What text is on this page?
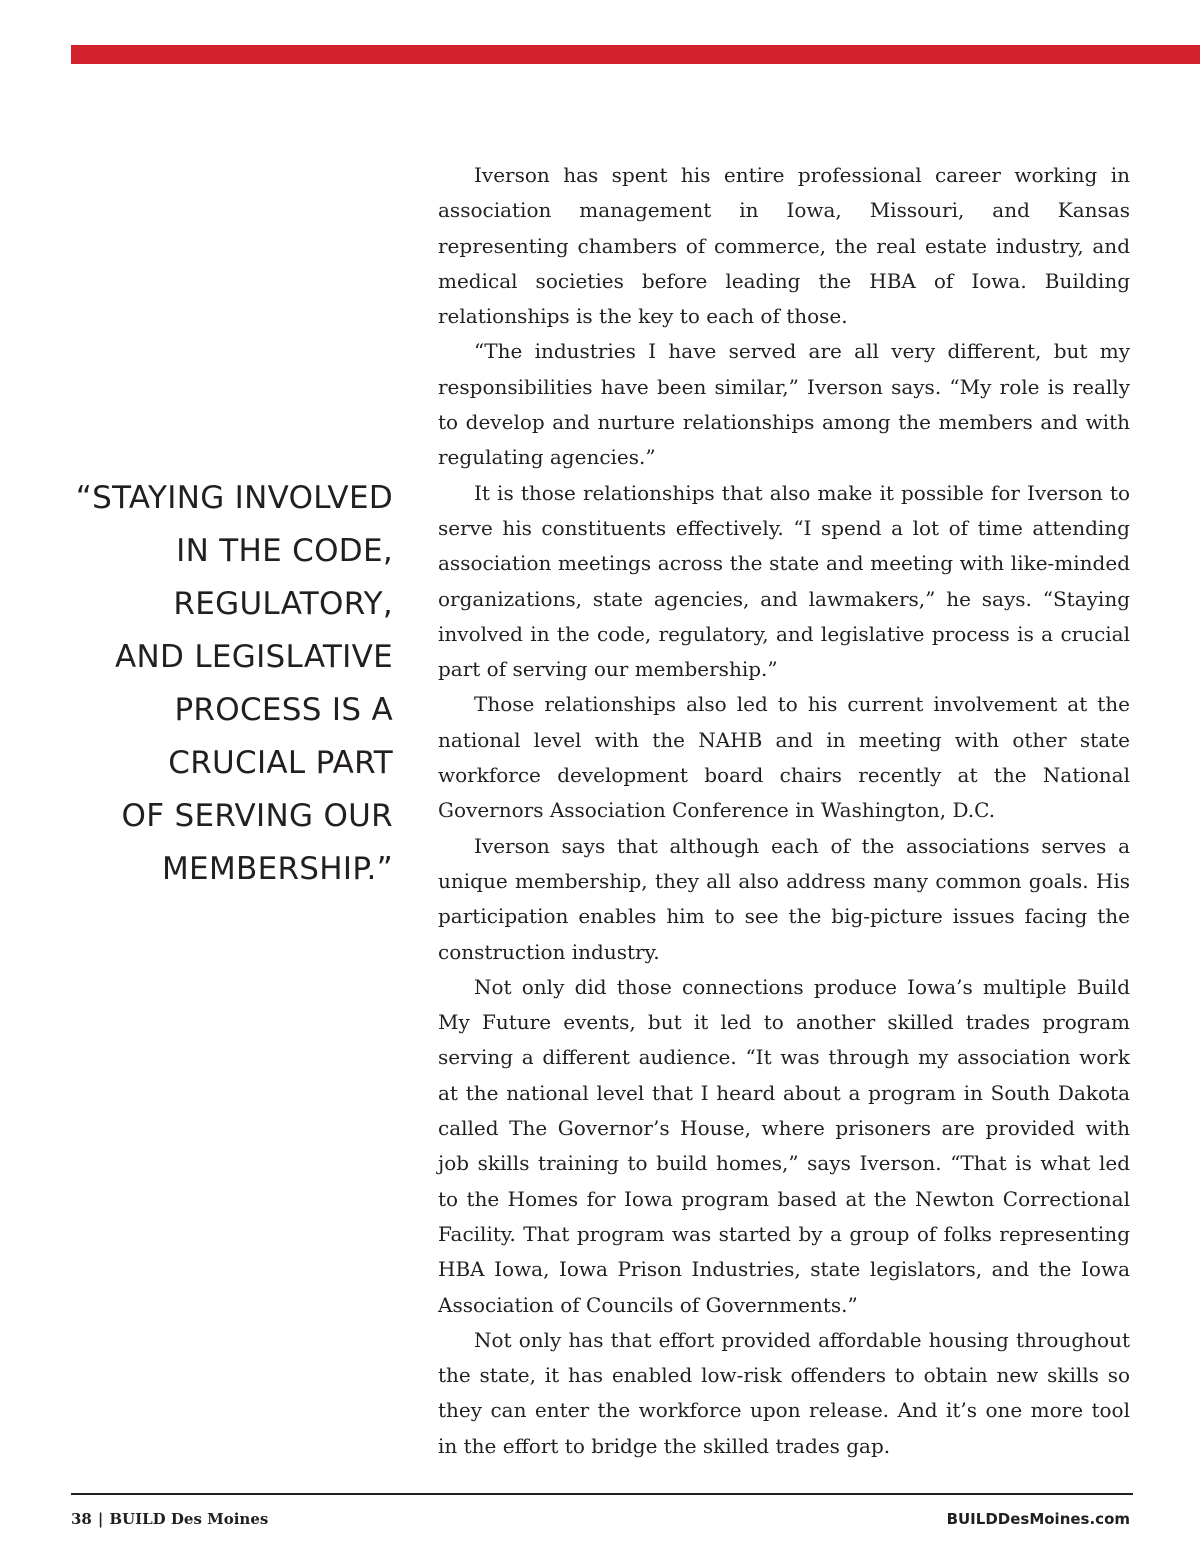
“STAYING INVOLVED
IN THE CODE,
REGULATORY,
AND LEGISLATIVE
PROCESS IS A
CRUCIAL PART
OF SERVING OUR
MEMBERSHIP.”

Iverson has spent his entire professional career working in association management in Iowa, Missouri, and Kansas representing chambers of commerce, the real estate industry, and medical societies before leading the HBA of Iowa. Building relationships is the key to each of those.

“The industries I have served are all very different, but my responsibilities have been similar,” Iverson says. “My role is really to develop and nurture relationships among the members and with regulating agencies.”

It is those relationships that also make it possible for Iverson to serve his constituents effectively. “I spend a lot of time attending association meetings across the state and meeting with like-minded organizations, state agencies, and lawmakers,” he says. “Staying involved in the code, regulatory, and legislative process is a crucial part of serving our membership.”

Those relationships also led to his current involvement at the national level with the NAHB and in meeting with other state workforce development board chairs recently at the National Governors Association Conference in Washington, D.C.

Iverson says that although each of the associations serves a unique membership, they all also address many common goals. His participation enables him to see the big-picture issues facing the construction industry.

Not only did those connections produce Iowa’s multiple Build My Future events, but it led to another skilled trades program serving a different audience. “It was through my association work at the national level that I heard about a program in South Dakota called The Governor’s House, where prisoners are provided with job skills training to build homes,” says Iverson. “That is what led to the Homes for Iowa program based at the Newton Correctional Facility. That program was started by a group of folks representing HBA Iowa, Iowa Prison Industries, state legislators, and the Iowa Association of Councils of Governments.”

Not only has that effort provided affordable housing throughout the state, it has enabled low-risk offenders to obtain new skills so they can enter the workforce upon release. And it’s one more tool in the effort to bridge the skilled trades gap.

38 | BUILD Des Moines	BUILDDesMoines.com
